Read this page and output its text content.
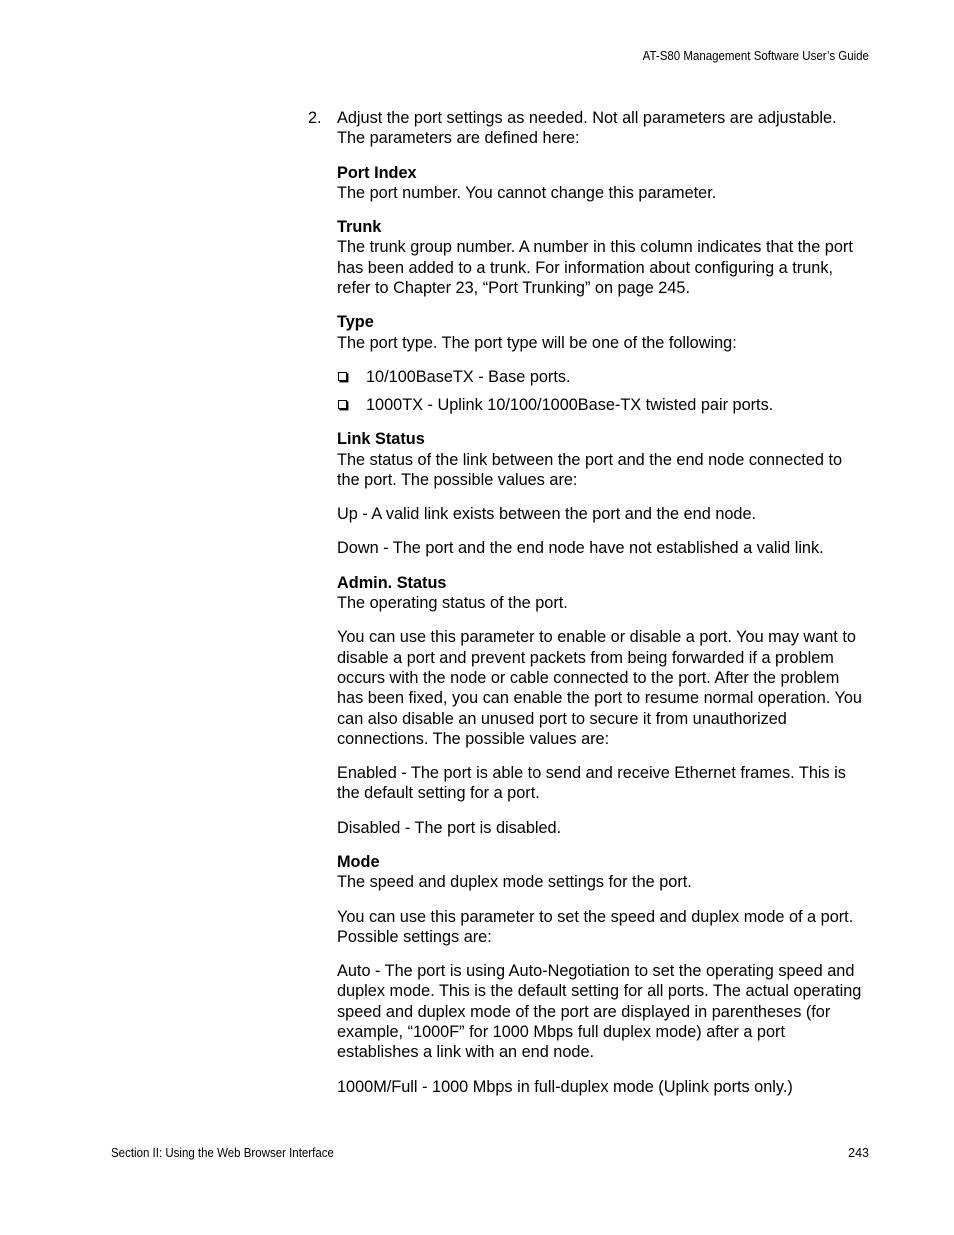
AT-S80 Management Software User’s Guide
2. Adjust the port settings as needed. Not all parameters are adjustable. The parameters are defined here:

Port Index

The port number. You cannot change this parameter.

Trunk

The trunk group number. A number in this column indicates that the port has been added to a trunk. For information about configuring a trunk, refer to Chapter 23, “Port Trunking” on page 245.

Type

The port type. The port type will be one of the following:

10/100BaseTX - Base ports.
1000TX - Uplink 10/100/1000Base-TX twisted pair ports.

Link Status

The status of the link between the port and the end node connected to the port. The possible values are:

Up - A valid link exists between the port and the end node.

Down - The port and the end node have not established a valid link.

Admin. Status

The operating status of the port.

You can use this parameter to enable or disable a port. You may want to disable a port and prevent packets from being forwarded if a problem occurs with the node or cable connected to the port. After the problem has been fixed, you can enable the port to resume normal operation. You can also disable an unused port to secure it from unauthorized connections. The possible values are:

Enabled - The port is able to send and receive Ethernet frames. This is the default setting for a port.

Disabled - The port is disabled.

Mode

The speed and duplex mode settings for the port.

You can use this parameter to set the speed and duplex mode of a port. Possible settings are:

Auto - The port is using Auto-Negotiation to set the operating speed and duplex mode. This is the default setting for all ports. The actual operating speed and duplex mode of the port are displayed in parentheses (for example, “1000F” for 1000 Mbps full duplex mode) after a port establishes a link with an end node.

1000M/Full - 1000 Mbps in full-duplex mode (Uplink ports only.)

Section II: Using the Web Browser Interface	243
